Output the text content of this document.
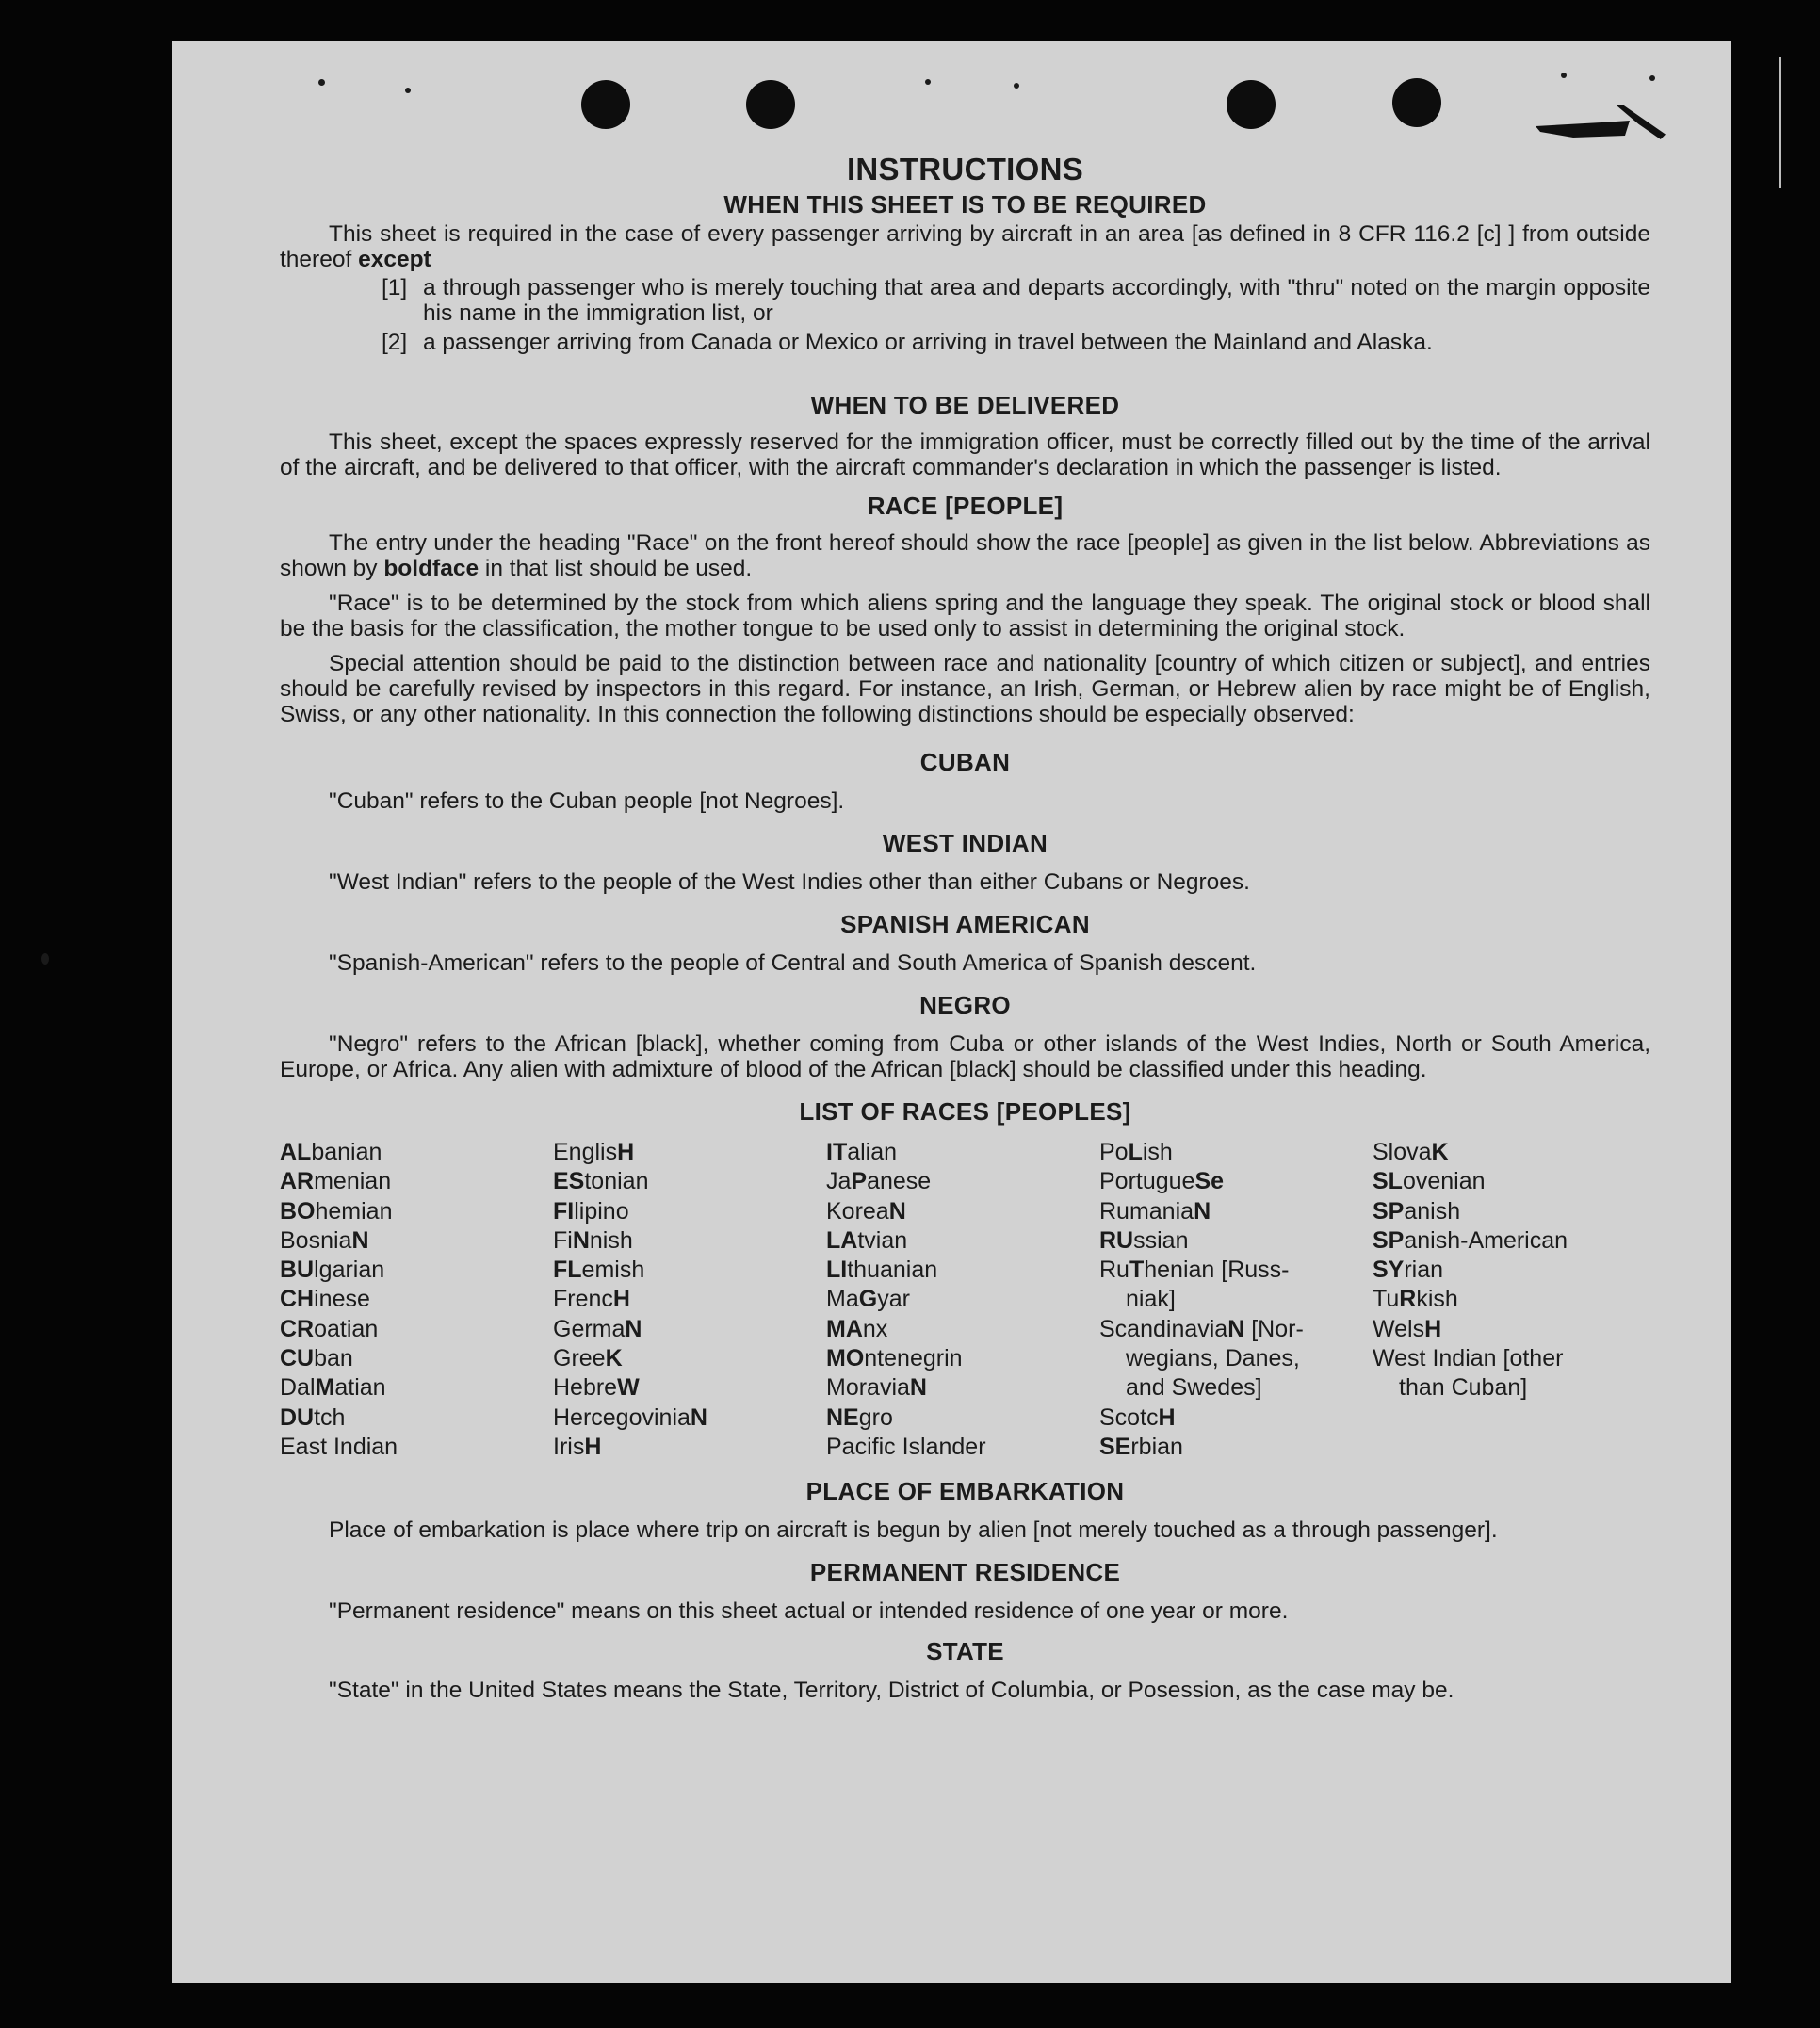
INSTRUCTIONS
WHEN THIS SHEET IS TO BE REQUIRED

This sheet is required in the case of every passenger arriving by aircraft in an area [as defined in 8 CFR 116.2 [c] ] from outside thereof except

[1] a through passenger who is merely touching that area and departs accordingly, with "thru" noted on the margin opposite his name in the immigration list, or
[2] a passenger arriving from Canada or Mexico or arriving in travel between the Mainland and Alaska.
WHEN TO BE DELIVERED

This sheet, except the spaces expressly reserved for the immigration officer, must be correctly filled out by the time of the arrival of the aircraft, and be delivered to that officer, with the aircraft commander's declaration in which the passenger is listed.

RACE [PEOPLE]

The entry under the heading "Race" on the front hereof should show the race [people] as given in the list below. Abbreviations as shown by boldface in that list should be used.

"Race" is to be determined by the stock from which aliens spring and the language they speak. The original stock or blood shall be the basis for the classification, the mother tongue to be used only to assist in determining the original stock.

Special attention should be paid to the distinction between race and nationality [country of which citizen or subject], and entries should be carefully revised by inspectors in this regard. For instance, an Irish, German, or Hebrew alien by race might be of English, Swiss, or any other nationality. In this connection the following distinctions should be especially observed:

CUBAN

"Cuban" refers to the Cuban people [not Negroes].

WEST INDIAN

"West Indian" refers to the people of the West Indies other than either Cubans or Negroes.

SPANISH AMERICAN

"Spanish-American" refers to the people of Central and South America of Spanish descent.

NEGRO

"Negro" refers to the African [black], whether coming from Cuba or other islands of the West Indies, North or South America, Europe, or Africa. Any alien with admixture of blood of the African [black] should be classified under this heading.

LIST OF RACES [PEOPLES]
ALbanian
ARmenian
BOhemian
BosniaN
BUlgarian
CHinese
CRoatian
CUban
DalMatian
DUtch
East Indian
EnglisH
EStonian
FIlipino
FiNnish
FLemish
FrencH
GermaN
GreeK
HebreW
HercegoviniaN
IrisH
ITalian
JaPanese
KoreaN
LAtvian
LIthuanian
MaGyar
MAnx
MOntenegrin
MoraviaN
NEgro
Pacific Islander
PoLish
PortugueSe
RumaniaN
RUssian
RuThenian [Russ-
niak]
ScandinaviaN [Nor-
wegians, Danes,
and Swedes]
ScotcH
SErbian
SlovaK
SLovenian
SPanish
SPanish-American
SYrian
TuRkish
WelsH
West Indian [other
than Cuban]
PLACE OF EMBARKATION

Place of embarkation is place where trip on aircraft is begun by alien [not merely touched as a through passenger].

PERMANENT RESIDENCE

"Permanent residence" means on this sheet actual or intended residence of one year or more.

STATE

"State" in the United States means the State, Territory, District of Columbia, or Posession, as the case may be.
